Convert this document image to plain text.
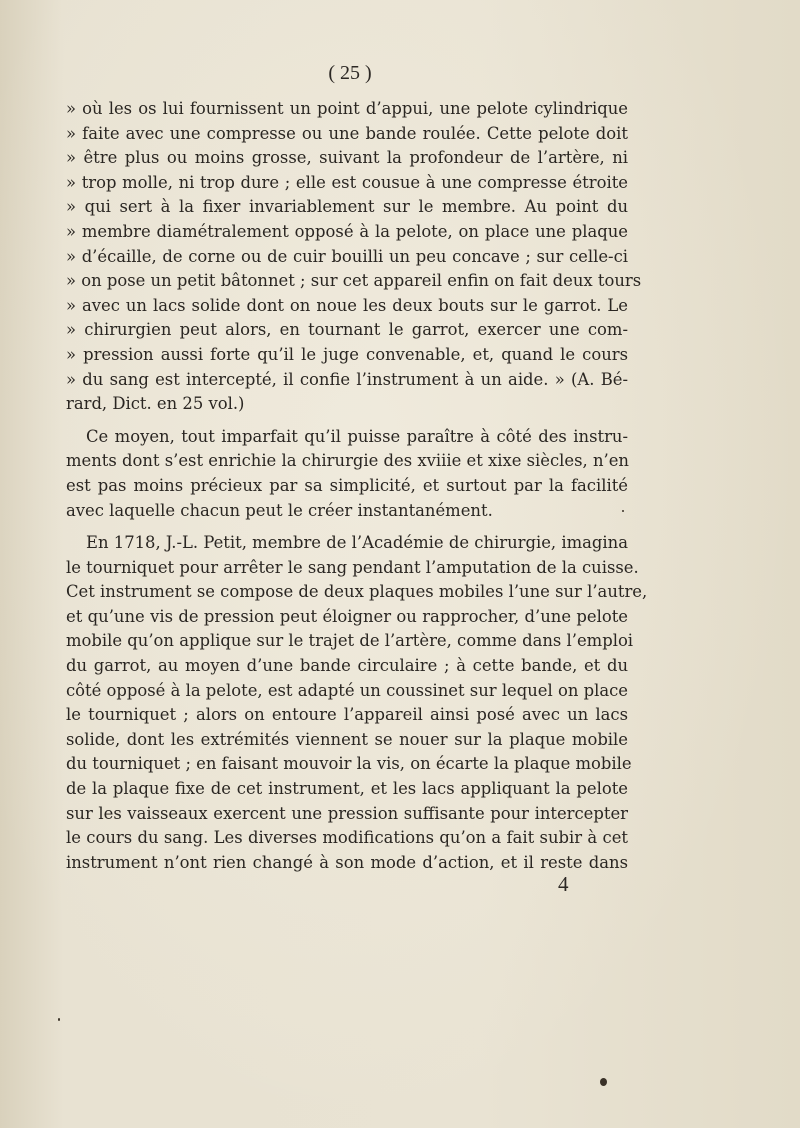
( 25 )
» où les os lui fournissent un point d’appui, une pelote cylindrique
» faite avec une compresse ou une bande roulée. Cette pelote doit
» être plus ou moins grosse, suivant la profondeur de l’artère, ni
» trop molle, ni trop dure ; elle est cousue à une compresse étroite
» qui sert à la fixer invariablement sur le membre. Au point du
» membre diamétralement opposé à la pelote, on place une plaque
» d’écaille, de corne ou de cuir bouilli un peu concave ; sur celle-ci
» on pose un petit bâtonnet ; sur cet appareil enfin on fait deux tours
» avec un lacs solide dont on noue les deux bouts sur le garrot. Le
» chirurgien peut alors, en tournant le garrot, exercer une com-
» pression aussi forte qu’il le juge convenable, et, quand le cours
» du sang est intercepté, il confie l’instrument à un aide. » (A. Bé-
rard, Dict. en 25 vol.)
Ce moyen, tout imparfait qu’il puisse paraître à côté des instru-
ments dont s’est enrichie la chirurgie des xviiie et xixe siècles, n’en
est pas moins précieux par sa simplicité, et surtout par la facilité
avec laquelle chacun peut le créer instantanément.
En 1718, J.-L. Petit, membre de l’Académie de chirurgie, imagina
le tourniquet pour arrêter le sang pendant l’amputation de la cuisse.
Cet instrument se compose de deux plaques mobiles l’une sur l’autre,
et qu’une vis de pression peut éloigner ou rapprocher, d’une pelote
mobile qu’on applique sur le trajet de l’artère, comme dans l’emploi
du garrot, au moyen d’une bande circulaire ; à cette bande, et du
côté opposé à la pelote, est adapté un coussinet sur lequel on place
le tourniquet ; alors on entoure l’appareil ainsi posé avec un lacs
solide, dont les extrémités viennent se nouer sur la plaque mobile
du tourniquet ; en faisant mouvoir la vis, on écarte la plaque mobile
de la plaque fixe de cet instrument, et les lacs appliquant la pelote
sur les vaisseaux exercent une pression suffisante pour intercepter
le cours du sang. Les diverses modifications qu’on a fait subir à cet
instrument n’ont rien changé à son mode d’action, et il reste dans
4
